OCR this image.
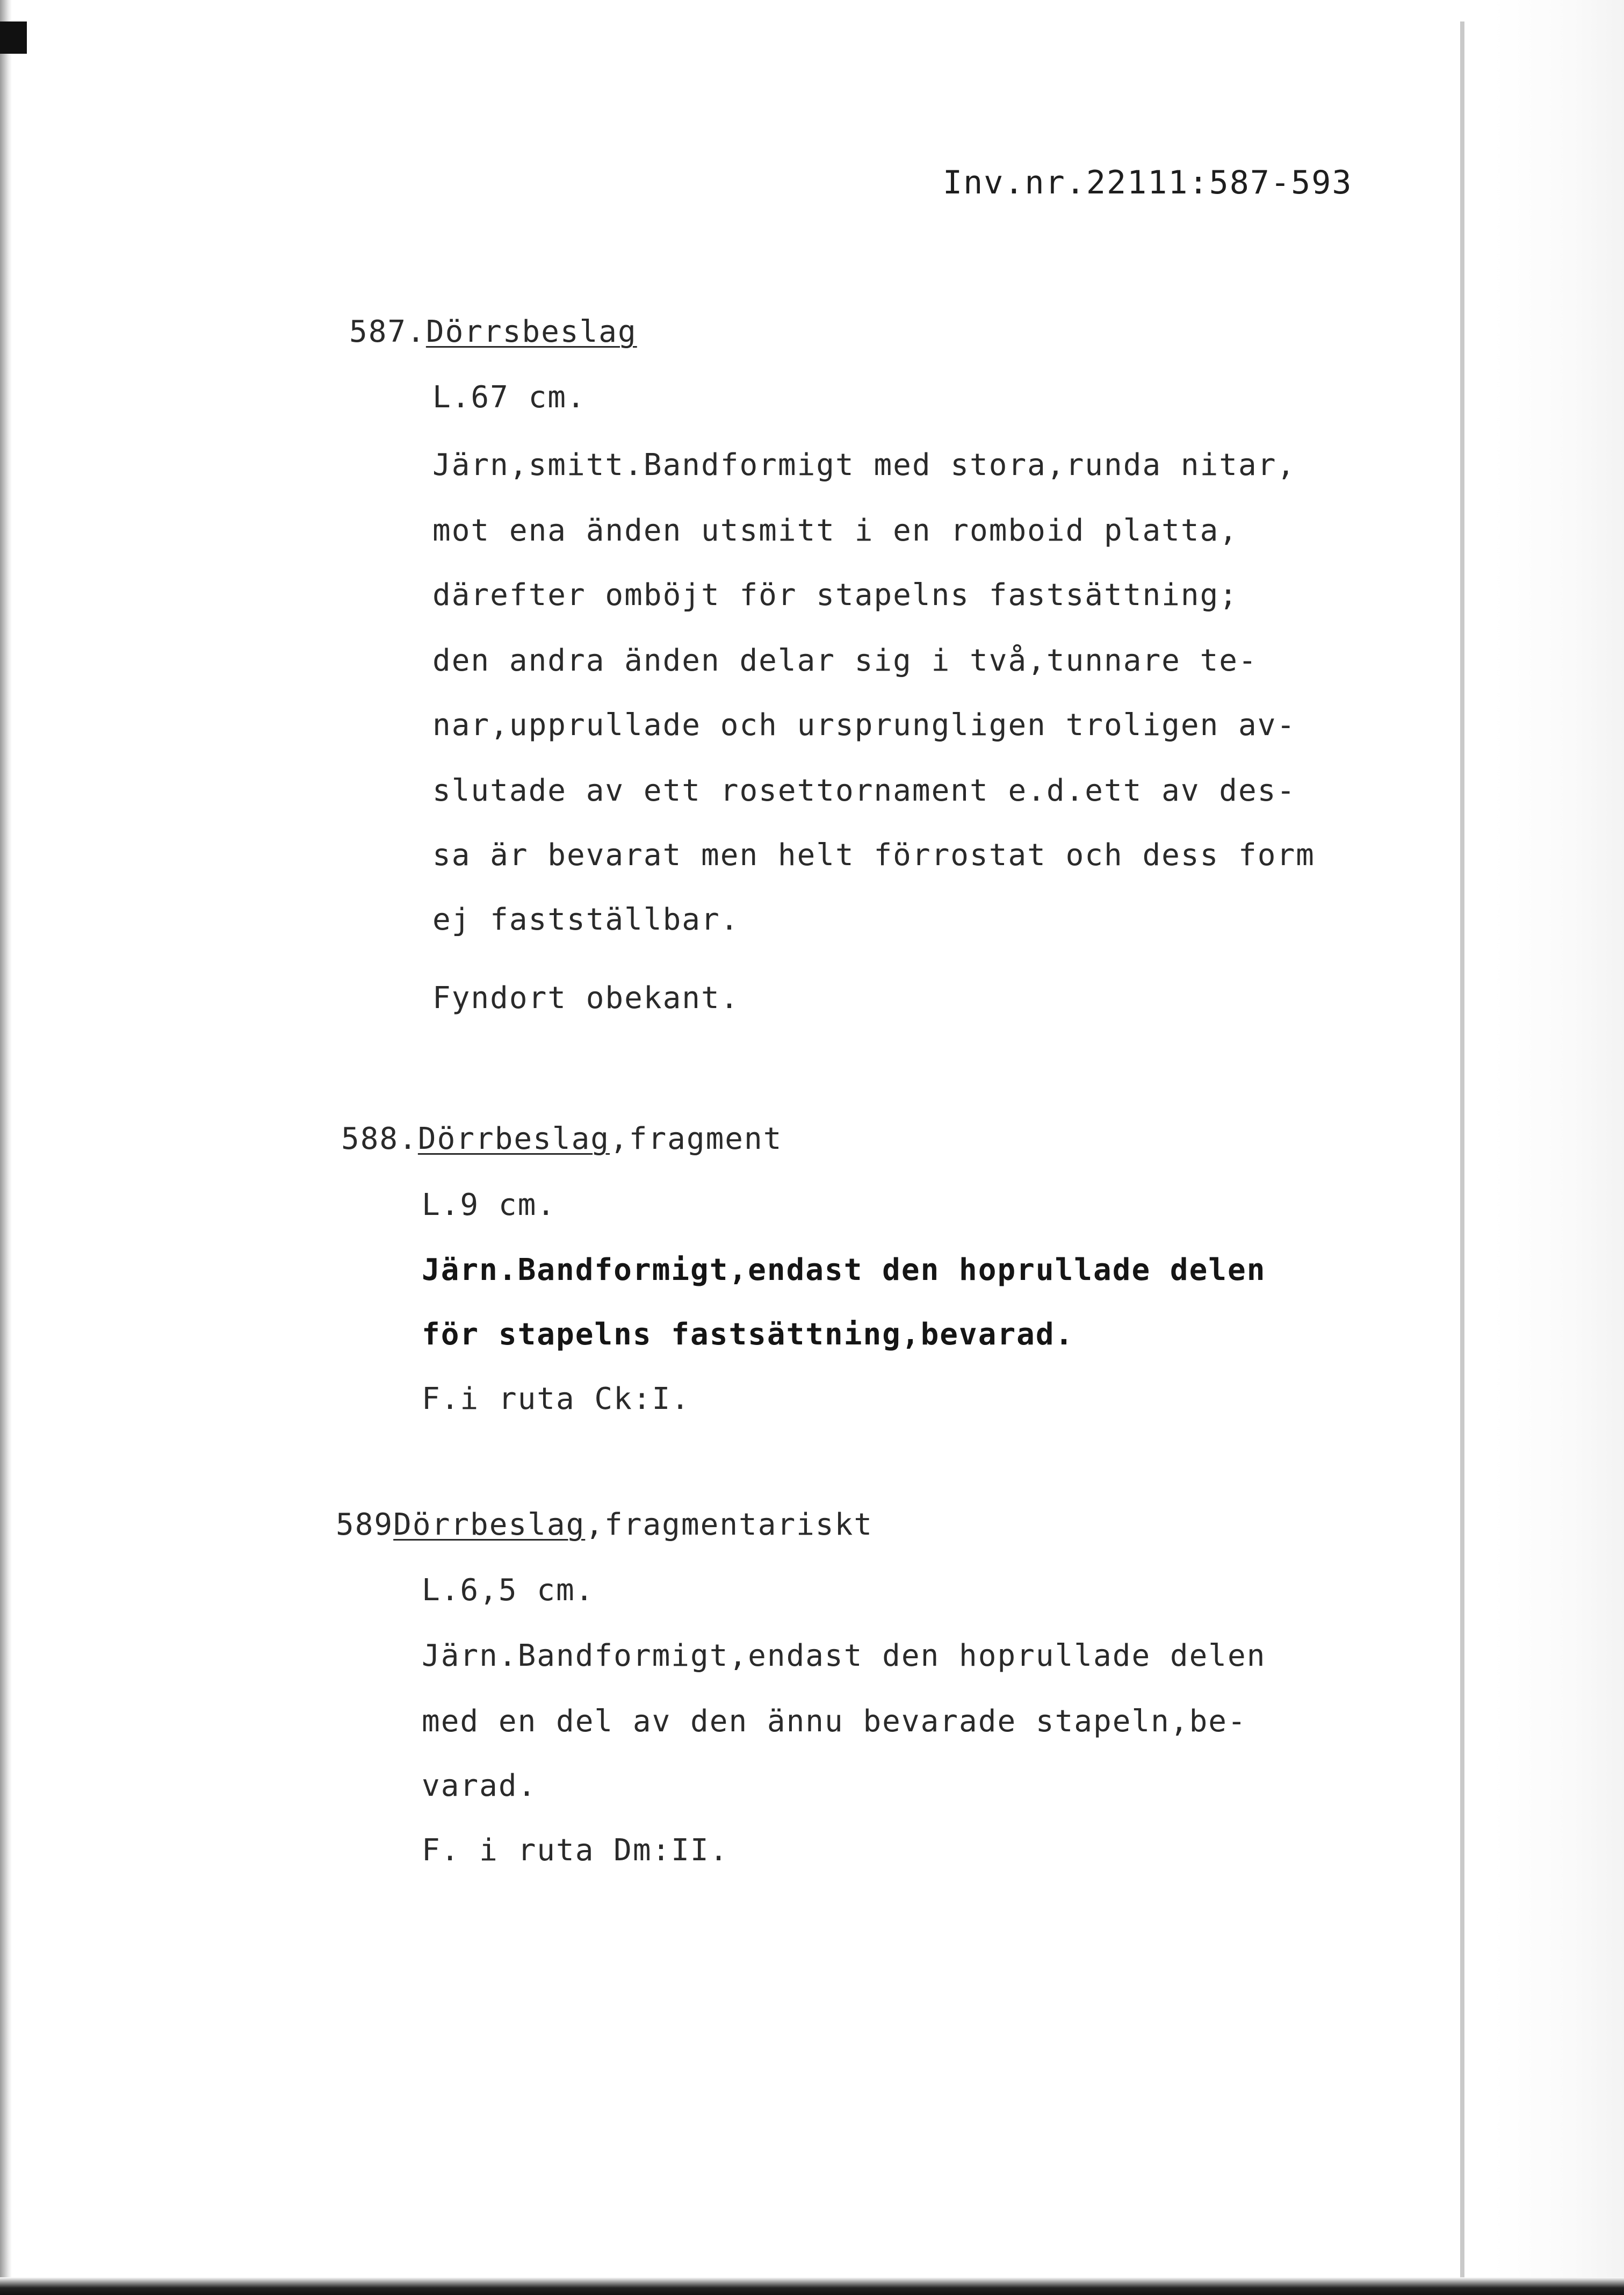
Inv.nr.22111:587-593
587.Dörrsbeslag
L.67 cm.
Järn,smitt.Bandformigt med stora,runda nitar,
mot ena änden utsmitt i en romboid platta,
därefter omböjt för stapelns fastsättning;
den andra änden delar sig i två,tunnare te-
nar,upprullade och ursprungligen troligen av-
slutade av ett rosettornament e.d.ett av des-
sa är bevarat men helt förrostat och dess form
ej fastställbar.
Fyndort obekant.
588.Dörrbeslag,fragment
L.9 cm.
Järn.Bandformigt,endast den hoprullade delen
för stapelns fastsättning,bevarad.
F.i ruta Ck:I.
589Dörrbeslag,fragmentariskt
L.6,5 cm.
Järn.Bandformigt,endast den hoprullade delen
med en del av den ännu bevarade stapeln,be-
varad.
F. i ruta Dm:II.
